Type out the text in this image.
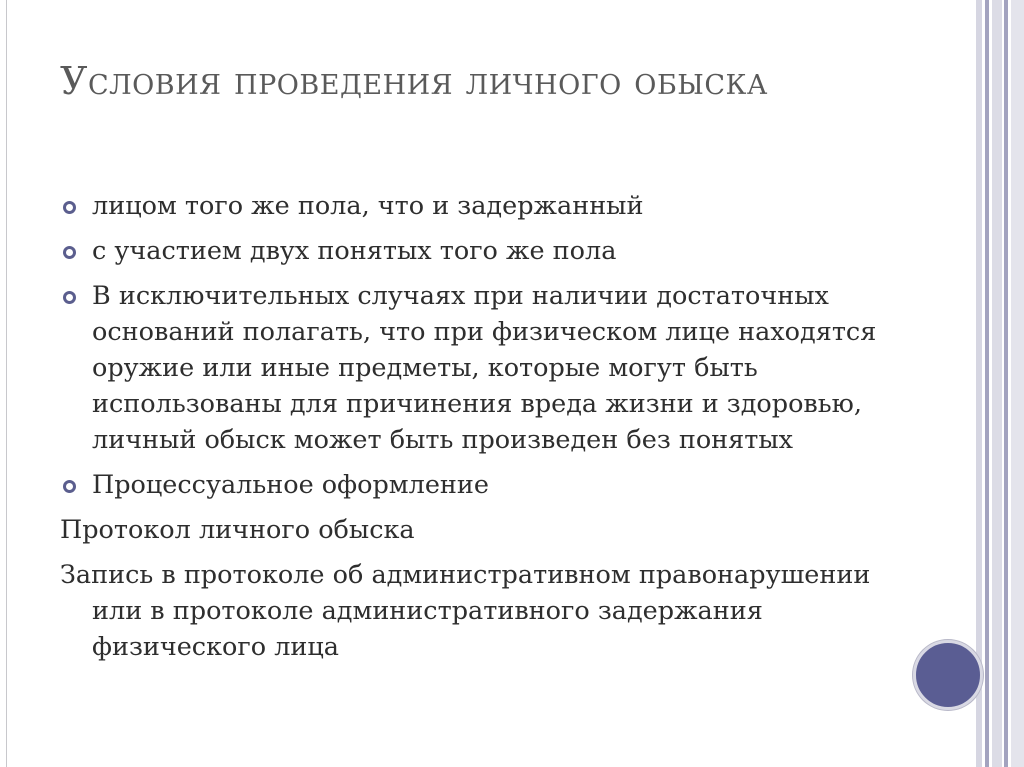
Условия проведения личного обыска
лицом того же пола, что и задержанный
с участием двух понятых того же пола
В исключительных случаях при наличии достаточных оснований полагать, что при физическом лице находятся оружие или иные предметы, которые могут быть использованы для причинения вреда жизни и здоровью, личный обыск может быть произведен без понятых
Процессуальное оформление
Протокол личного обыска
Запись в протоколе об административном правонарушении или в протоколе административного задержания физического лица
